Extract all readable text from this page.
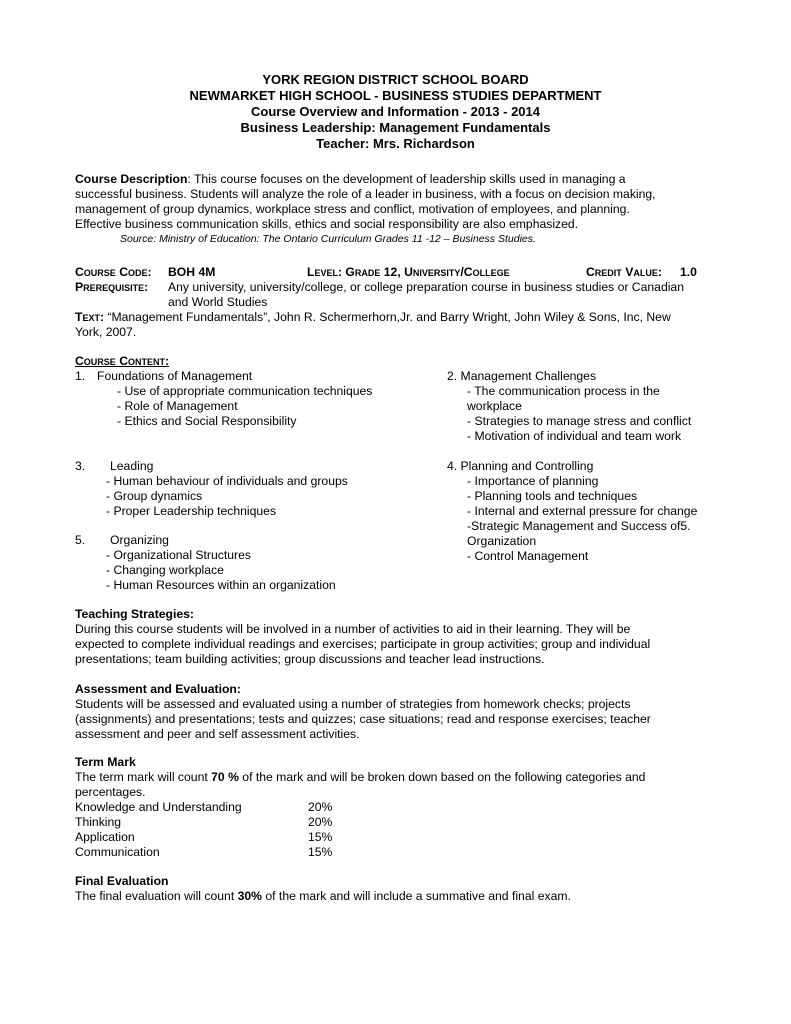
YORK REGION DISTRICT SCHOOL BOARD
NEWMARKET HIGH SCHOOL - BUSINESS STUDIES DEPARTMENT
Course Overview and Information - 2013 - 2014
Business Leadership: Management Fundamentals
Teacher: Mrs. Richardson

Course Description: This course focuses on the development of leadership skills used in managing a

successful business. Students will analyze the role of a leader in business, with a focus on decision making,

management of group dynamics, workplace stress and conflict, motivation of employees, and planning.

Effective business communication skills, ethics and social responsibility are also emphasized.

Source: Ministry of Education: The Ontario Curriculum Grades 11 -12 – Business Studies.

Course Code: BOH 4M	Level: Grade 12, University/College	Credit Value: 1.0
Prerequisite: Any university, university/college, or college preparation course in business studies or Canadian
and World Studies
Text: “Management Fundamentals”, John R. Schermerhorn,Jr. and Barry Wright, John Wiley & Sons, Inc, New
York, 2007.
Course Content:
1. Foundations of Management
- Use of appropriate communication techniques
- Role of Management
- Ethics and Social Responsibility
2. Management Challenges
- The communication process in the
workplace
- Strategies to manage stress and conflict
- Motivation of individual and team work
3. Leading
- Human behaviour of individuals and groups
- Group dynamics
- Proper Leadership techniques
4. Planning and Controlling
- Importance of planning
- Planning tools and techniques
- Internal and external pressure for change
-Strategic Management and Success of5.
Organization
- Control Management
5. Organizing
- Organizational Structures
- Changing workplace
- Human Resources within an organization
Teaching Strategies:
During this course students will be involved in a number of activities to aid in their learning. They will be
expected to complete individual readings and exercises; participate in group activities; group and individual
presentations; team building activities; group discussions and teacher lead instructions.
Assessment and Evaluation:
Students will be assessed and evaluated using a number of strategies from homework checks; projects
(assignments) and presentations; tests and quizzes; case situations; read and response exercises; teacher
assessment and peer and self assessment activities.
Term Mark
The term mark will count 70 % of the mark and will be broken down based on the following categories and
percentages.
Knowledge and Understanding	20%
Thinking	20%
Application	15%
Communication	15%
Final Evaluation
The final evaluation will count 30% of the mark and will include a summative and final exam.
